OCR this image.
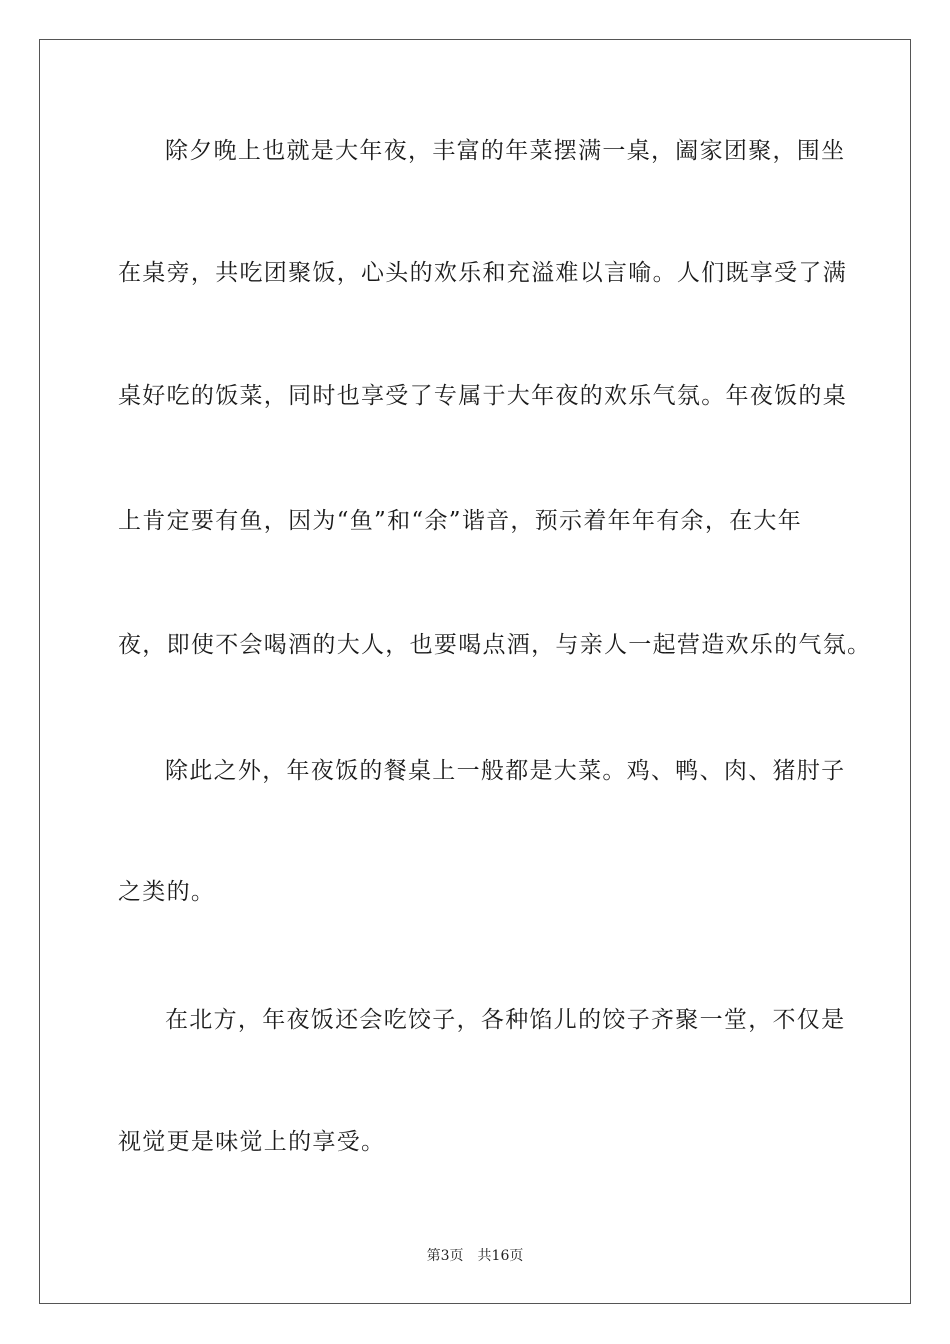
除夕晚上也就是大年夜，丰富的年菜摆满一桌，阖家团聚，围坐
在桌旁，共吃团聚饭，心头的欢乐和充溢难以言喻。人们既享受了满
桌好吃的饭菜，同时也享受了专属于大年夜的欢乐气氛。年夜饭的桌
上肯定要有鱼，因为“鱼”和“余”谐音，预示着年年有余，在大年
夜，即使不会喝酒的大人，也要喝点酒，与亲人一起营造欢乐的气氛。
除此之外，年夜饭的餐桌上一般都是大菜。鸡、鸭、肉、猪肘子
之类的。
在北方，年夜饭还会吃饺子，各种馅儿的饺子齐聚一堂，不仅是
视觉更是味觉上的享受。
第3页 共16页
